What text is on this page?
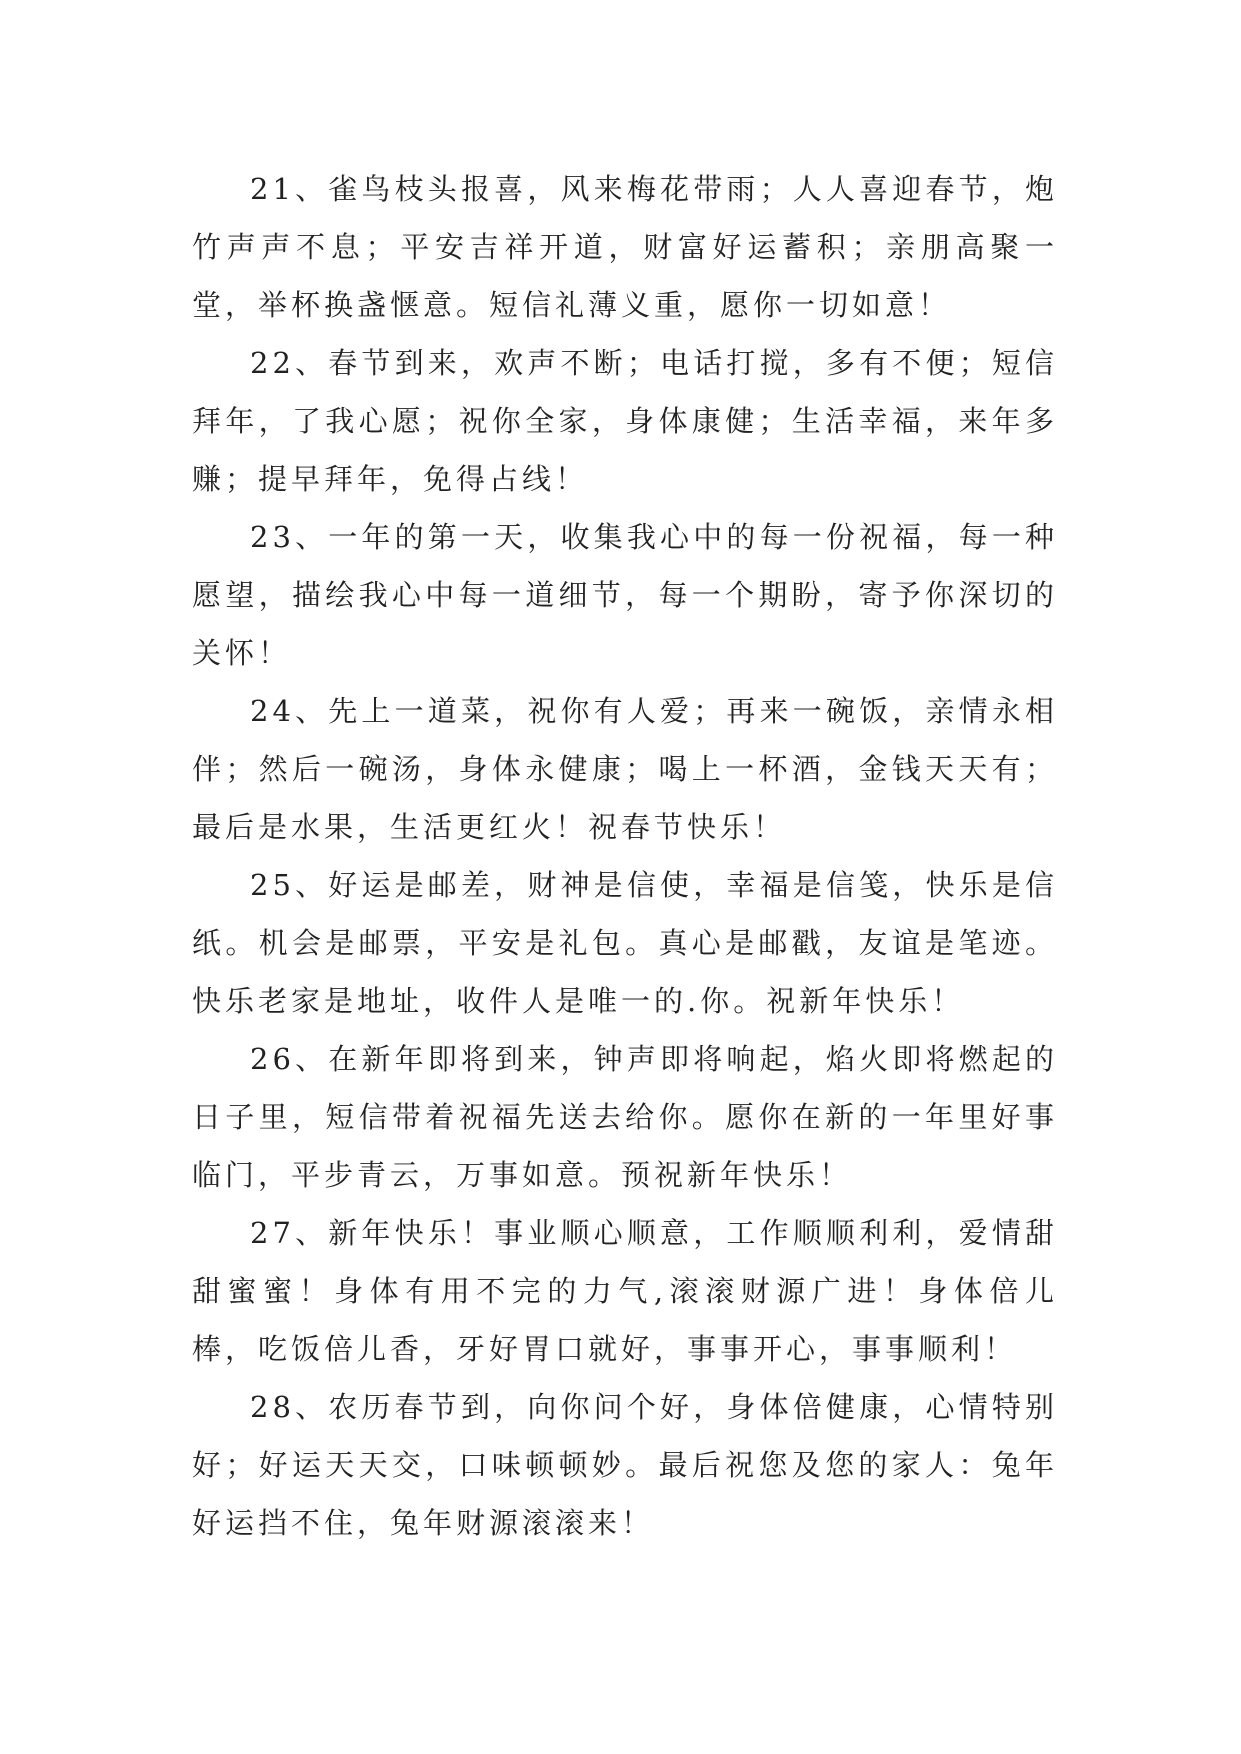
21、雀鸟枝头报喜，风来梅花带雨；人人喜迎春节，炮竹声声不息；平安吉祥开道，财富好运蓄积；亲朋高聚一堂，举杯换盏惬意。短信礼薄义重，愿你一切如意！

22、春节到来，欢声不断；电话打搅，多有不便；短信拜年，了我心愿；祝你全家，身体康健；生活幸福，来年多赚；提早拜年，免得占线！

23、一年的第一天，收集我心中的每一份祝福，每一种愿望，描绘我心中每一道细节，每一个期盼，寄予你深切的关怀！

24、先上一道菜，祝你有人爱；再来一碗饭，亲情永相伴；然后一碗汤，身体永健康；喝上一杯酒，金钱天天有；最后是水果，生活更红火！祝春节快乐！

25、好运是邮差，财神是信使，幸福是信笺，快乐是信纸。机会是邮票，平安是礼包。真心是邮戳，友谊是笔迹。快乐老家是地址，收件人是唯一的.你。祝新年快乐！

26、在新年即将到来，钟声即将响起，焰火即将燃起的日子里，短信带着祝福先送去给你。愿你在新的一年里好事临门，平步青云，万事如意。预祝新年快乐！

27、新年快乐！事业顺心顺意，工作顺顺利利，爱情甜甜蜜蜜！身体有用不完的力气,滚滚财源广进！身体倍儿棒，吃饭倍儿香，牙好胃口就好，事事开心，事事顺利！

28、农历春节到，向你问个好，身体倍健康，心情特别好；好运天天交，口味顿顿妙。最后祝您及您的家人：兔年好运挡不住，兔年财源滚滚来！
